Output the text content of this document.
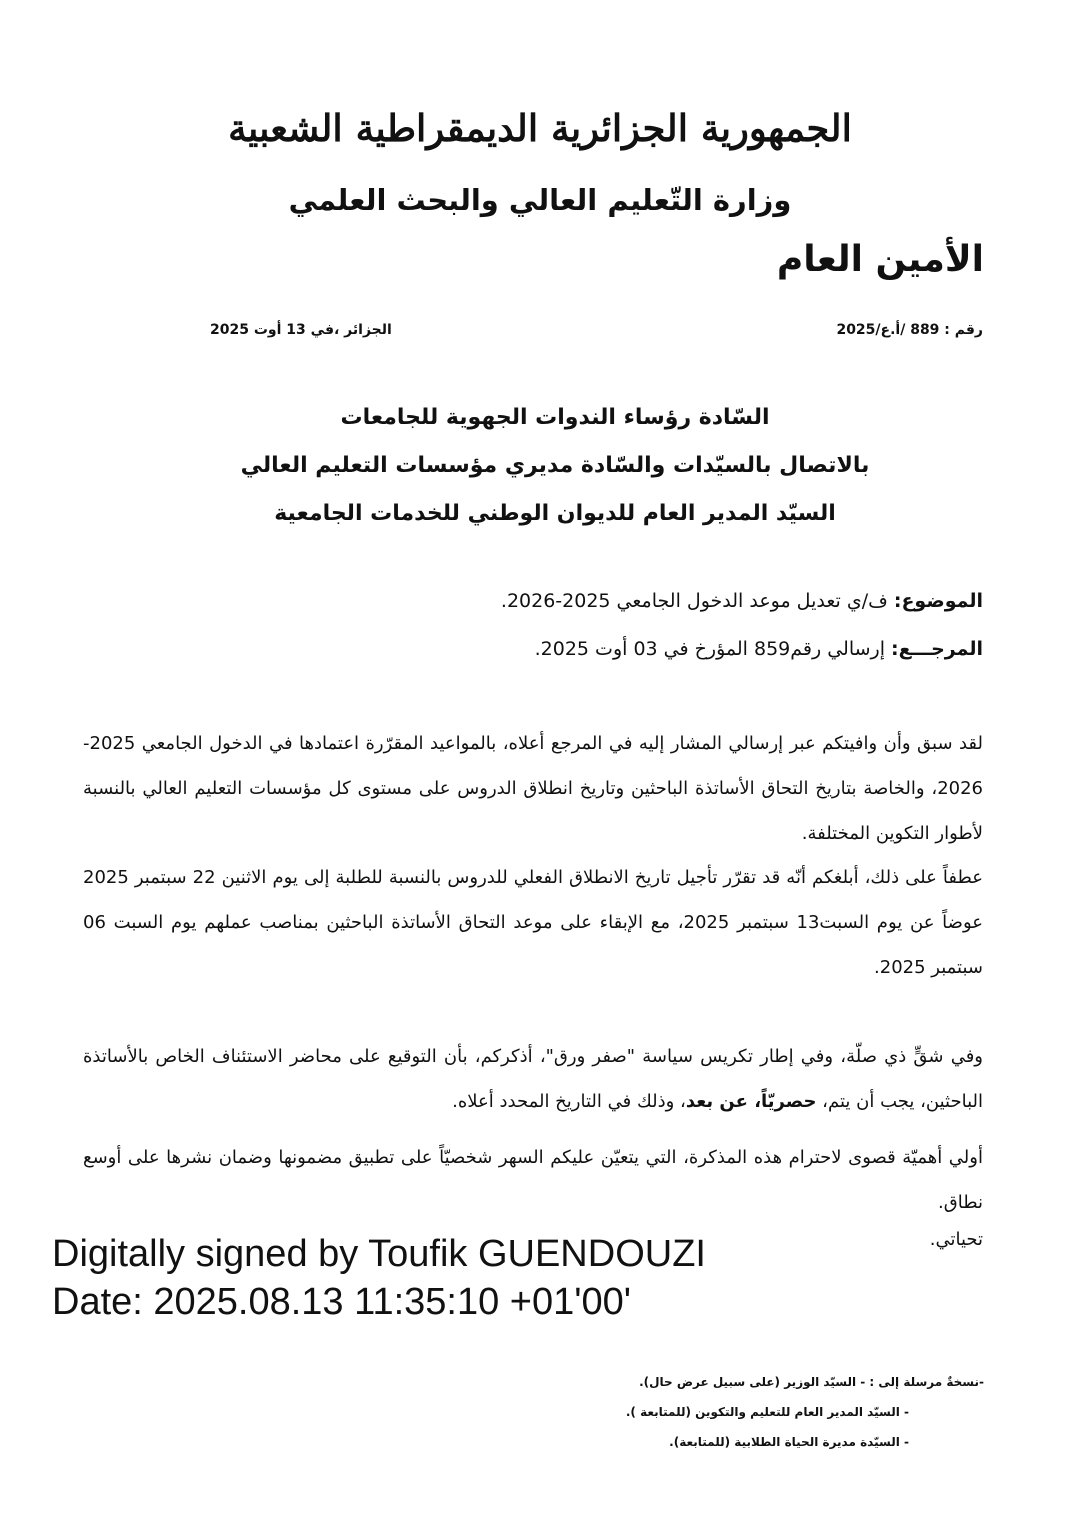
الجمهورية الجزائرية الديمقراطية الشعبية
وزارة التّعليم العالي والبحث العلمي
الأمين العام
رقم : 889 /أ.ع/2025
الجزائر ،في 13 أوت 2025
السّادة رؤساء الندوات الجهوية للجامعات
بالاتصال بالسيّدات والسّادة مديري مؤسسات التعليم العالي
السيّد المدير العام للديوان الوطني للخدمات الجامعية
الموضوع: ف/ي تعديل موعد الدخول الجامعي 2025-2026.
المرجـــع: إرسالي رقم859 المؤرخ في 03 أوت 2025.

لقد سبق وأن وافيتكم عبر إرسالي المشار إليه في المرجع أعلاه، بالمواعيد المقرّرة اعتمادها في الدخول الجامعي 2025-2026، والخاصة بتاريخ التحاق الأساتذة الباحثين وتاريخ انطلاق الدروس على مستوى كل مؤسسات التعليم العالي بالنسبة لأطوار التكوين المختلفة.

عطفاً على ذلك، أبلغكم أنّه قد تقرّر تأجيل تاريخ الانطلاق الفعلي للدروس بالنسبة للطلبة إلى يوم الاثنين 22 سبتمبر 2025 عوضاً عن يوم السبت13 سبتمبر 2025، مع الإبقاء على موعد التحاق الأساتذة الباحثين بمناصب عملهم يوم السبت 06 سبتمبر 2025.

وفي شقٍّ ذي صلّة، وفي إطار تكريس سياسة "صفر ورق"، أذكركم، بأن التوقيع على محاضر الاستئناف الخاص بالأساتذة الباحثين، يجب أن يتم، حصريّاً، عن بعد، وذلك في التاريخ المحدد أعلاه.

أولي أهميّة قصوى لاحترام هذه المذكرة، التي يتعيّن عليكم السهر شخصيّاً على تطبيق مضمونها وضمان نشرها على أوسع نطاق.

تحياتي.
Digitally signed by Toufik GUENDOUZI
Date: 2025.08.13 11:35:10 +01'00'
-نسخةٌ مرسلة إلى : - السيّد الوزير (على سبيل عرض حال).
- السيّد المدير العام للتعليم والتكوين (للمتابعة ).
- السيّدة مديرة الحياة الطلابية (للمتابعة).
